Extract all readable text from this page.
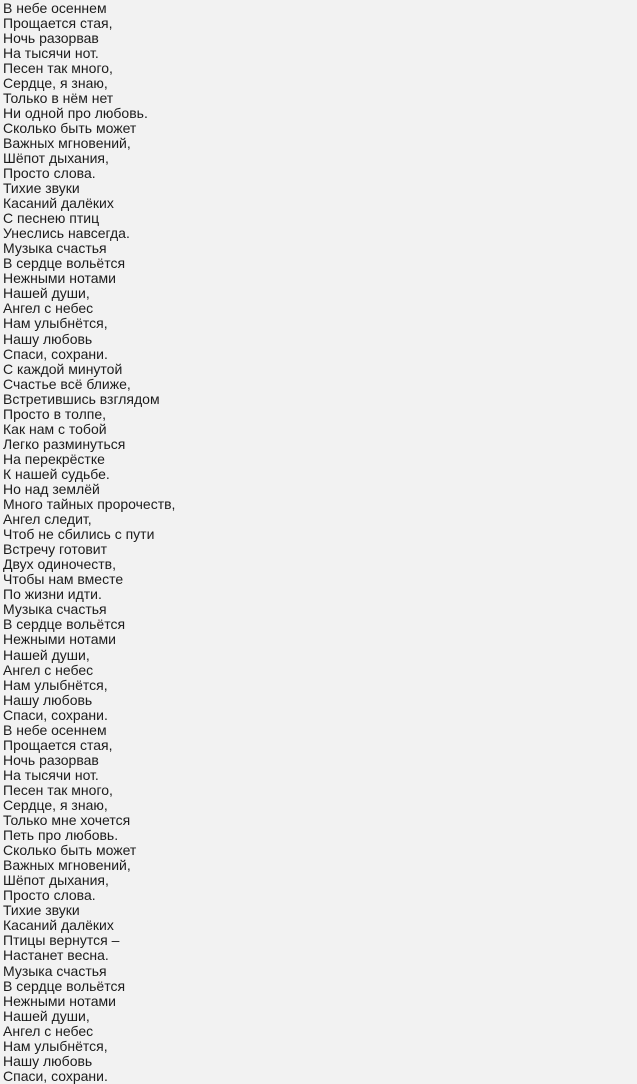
В небе осеннем
Прощается стая,
Ночь разорвав
На тысячи нот.
Песен так много,
Сердце, я знаю,
Только в нём нет
Ни одной про любовь.
Сколько быть может
Важных мгновений,
Шёпот дыхания,
Просто слова.
Тихие звуки
Касаний далёких
С песнею птиц
Унеслись навсегда.
Музыка счастья
В сердце вольётся
Нежными нотами
Нашей души,
Ангел с небес
Нам улыбнётся,
Нашу любовь
Спаси, сохрани.
С каждой минутой
Счастье всё ближе,
Встретившись взглядом
Просто в толпе,
Как нам с тобой
Легко разминуться
На перекрёстке
К нашей судьбе.
Но над землёй
Много тайных пророчеств,
Ангел следит,
Чтоб не сбились с пути
Встречу готовит
Двух одиночеств,
Чтобы нам вместе
По жизни идти.
Музыка счастья
В сердце вольётся
Нежными нотами
Нашей души,
Ангел с небес
Нам улыбнётся,
Нашу любовь
Спаси, сохрани.
В небе осеннем
Прощается стая,
Ночь разорвав
На тысячи нот.
Песен так много,
Сердце, я знаю,
Только мне хочется
Петь про любовь.
Сколько быть может
Важных мгновений,
Шёпот дыхания,
Просто слова.
Тихие звуки
Касаний далёких
Птицы вернутся –
Настанет весна.
Музыка счастья
В сердце вольётся
Нежными нотами
Нашей души,
Ангел с небес
Нам улыбнётся,
Нашу любовь
Спаси, сохрани.
